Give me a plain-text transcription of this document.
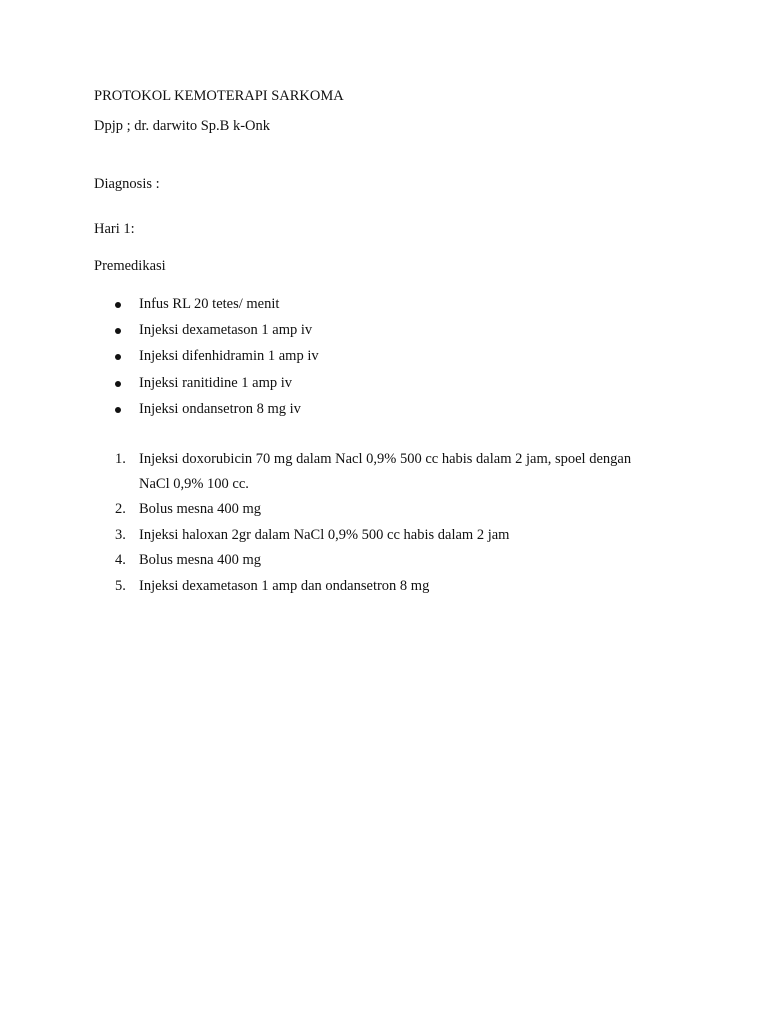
PROTOKOL KEMOTERAPI SARKOMA
Dpjp ; dr. darwito Sp.B k-Onk
Diagnosis :
Hari 1:
Premedikasi
Infus RL 20 tetes/ menit
Injeksi dexametason 1 amp iv
Injeksi difenhidramin 1 amp iv
Injeksi ranitidine 1 amp iv
Injeksi ondansetron 8 mg iv
1. Injeksi doxorubicin 70 mg dalam Nacl 0,9% 500 cc habis dalam 2 jam, spoel dengan
NaCl 0,9% 100 cc.
2. Bolus mesna 400 mg
3. Injeksi haloxan 2gr dalam NaCl 0,9% 500 cc habis dalam 2 jam
4. Bolus mesna 400 mg
5. Injeksi dexametason 1 amp dan ondansetron 8 mg
